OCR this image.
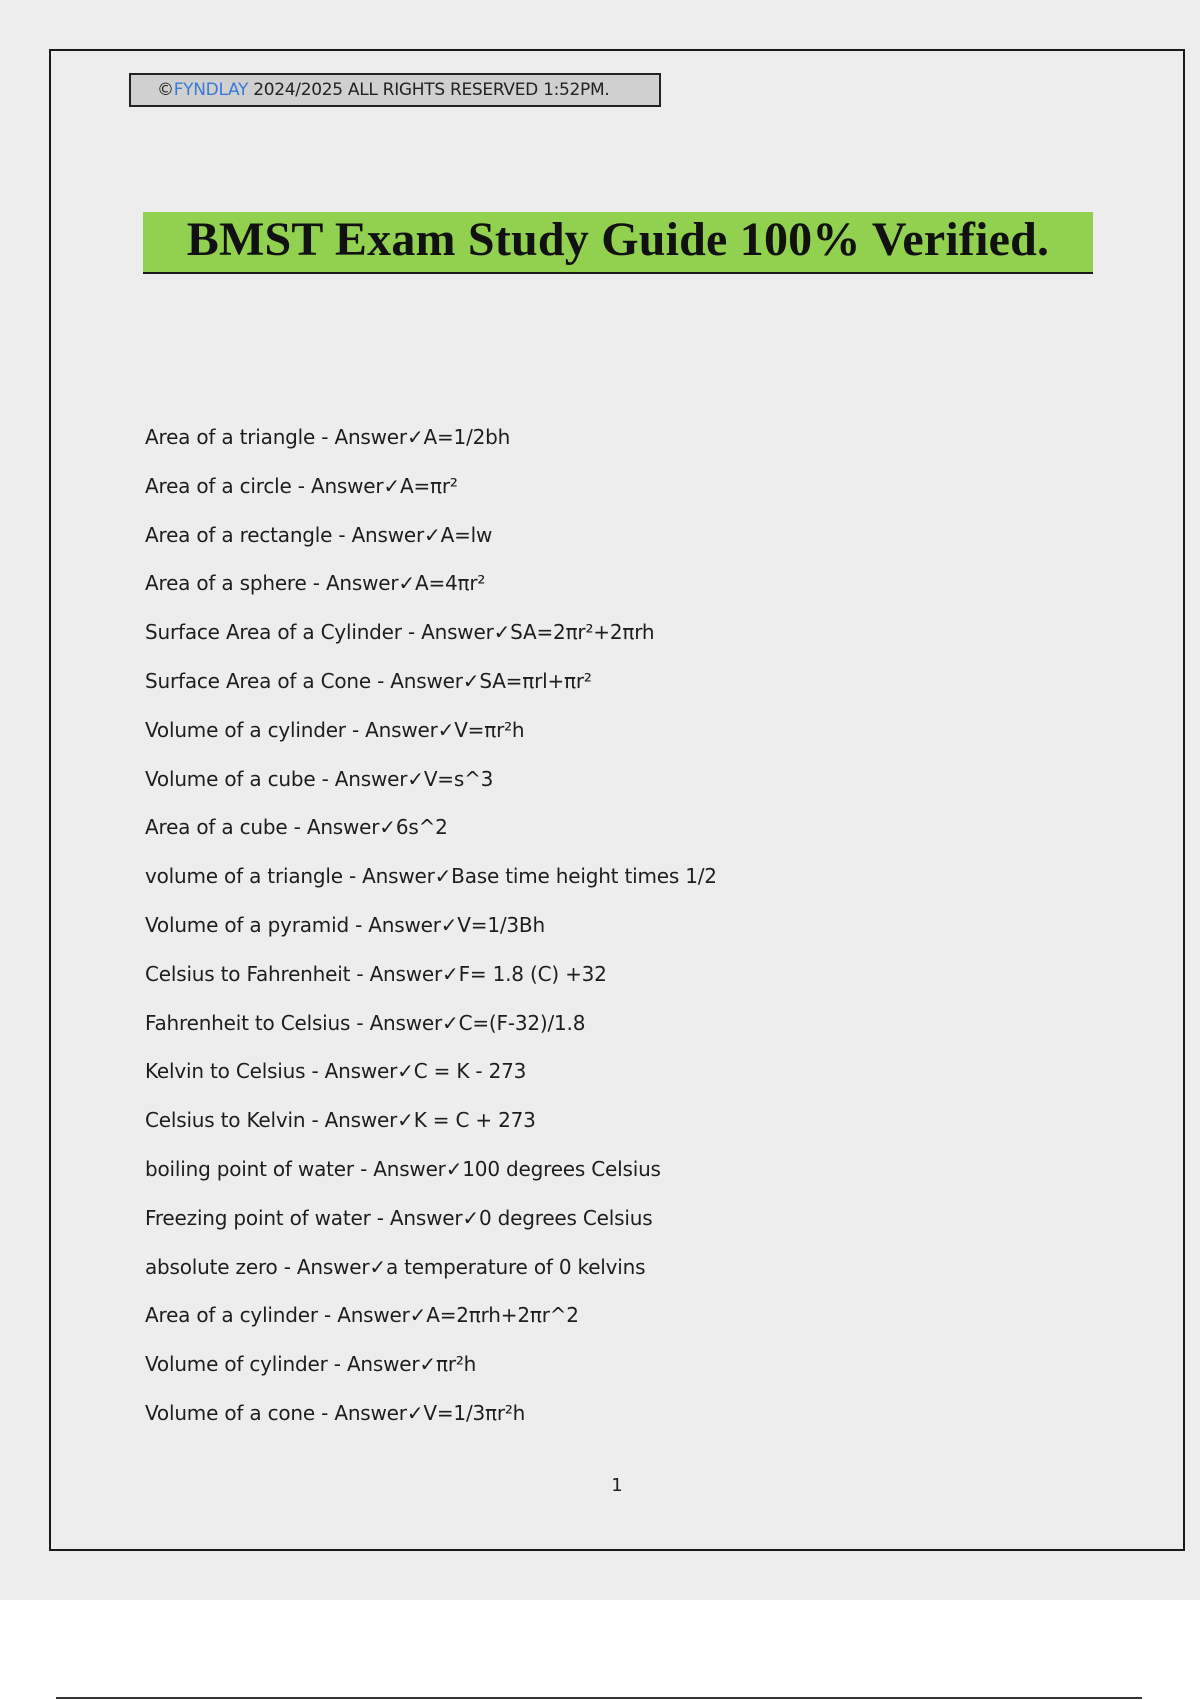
©FYNDLAY 2024/2025 ALL RIGHTS RESERVED 1:52PM.
BMST Exam Study Guide 100% Verified.
Area of a triangle - Answer✓A=1/2bh
Area of a circle - Answer✓A=πr²
Area of a rectangle - Answer✓A=lw
Area of a sphere - Answer✓A=4πr²
Surface Area of a Cylinder - Answer✓SA=2πr²+2πrh
Surface Area of a Cone - Answer✓SA=πrl+πr²
Volume of a cylinder - Answer✓V=πr²h
Volume of a cube - Answer✓V=s^3
Area of a cube - Answer✓6s^2
volume of a triangle - Answer✓Base time height times 1/2
Volume of a pyramid - Answer✓V=1/3Bh
Celsius to Fahrenheit - Answer✓F= 1.8 (C) +32
Fahrenheit to Celsius - Answer✓C=(F-32)/1.8
Kelvin to Celsius - Answer✓C = K - 273
Celsius to Kelvin - Answer✓K = C + 273
boiling point of water - Answer✓100 degrees Celsius
Freezing point of water - Answer✓0 degrees Celsius
absolute zero - Answer✓a temperature of 0 kelvins
Area of a cylinder - Answer✓A=2πrh+2πr^2
Volume of cylinder - Answer✓πr²h
Volume of a cone - Answer✓V=1/3πr²h
1
